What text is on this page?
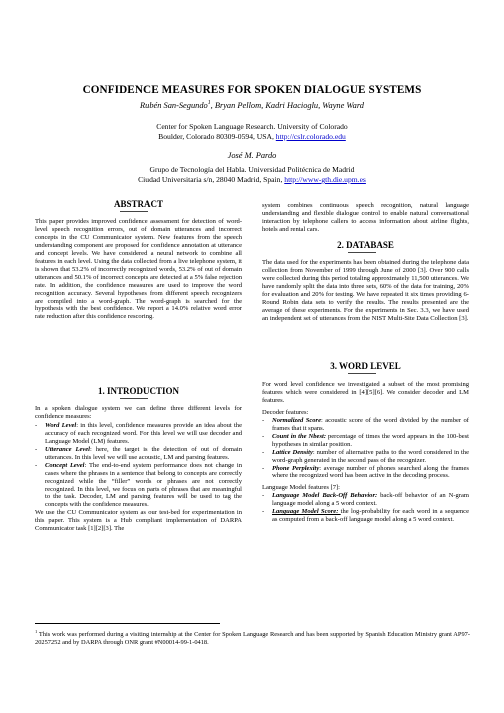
CONFIDENCE MEASURES FOR SPOKEN DIALOGUE SYSTEMS
Rubén San-Segundo$^1$, Bryan Pellom, Kadri Hacioglu, Wayne Ward
Center for Spoken Language Research. University of Colorado
Boulder, Colorado 80309-0594, USA, http://cslr.colorado.edu
José M. Pardo
Grupo de Tecnología del Habla. Universidad Politécnica de Madrid
Ciudad Universitaria s/n, 28040 Madrid, Spain, http://www-gth.die.upm.es
ABSTRACT

This paper provides improved confidence assessment for detection of word-level speech recognition errors, out of domain utterances and incorrect concepts in the CU Communicator system. New features from the speech understanding component are proposed for confidence annotation at utterance and concept levels. We have considered a neural network to combine all features in each level. Using the data collected from a live telephone system, it is shown that 53.2% of incorrectly recognized words, 53.2% of out of domain utterances and 50.1% of incorrect concepts are detected at a 5% false rejection rate. In addition, the confidence measures are used to improve the word recognition accuracy. Several hypotheses from different speech recognizers are compiled into a word-graph. The word-graph is searched for the hypothesis with the best confidence. We report a 14.0% relative word error rate reduction after this confidence rescoring.

1. INTRODUCTION

In a spoken dialogue system we can define three different levels for confidence measures:

- Word Level: in this level, confidence measures provide an idea about the accuracy of each recognized word. For this level we will use decoder and Language Model (LM) features.
- Utterance Level: here, the target is the detection of out of domain utterances. In this level we will use acoustic, LM and parsing features.
- Concept Level: The end-to-end system performance does not change in cases where the phrases in a sentence that belong to concepts are correctly recognized while the “filler” words or phrases are not correctly recognized. In this level, we focus on parts of phrases that are meaningful to the task. Decoder, LM and parsing features will be used to tag the concepts with the confidence measures.

We use the CU Communicator system as our test-bed for experimentation in this paper. This system is a Hub compliant implementation of DARPA Communicator task [1][2][3]. The

system combines continuous speech recognition, natural language understanding and flexible dialogue control to enable natural conversational interaction by telephone callers to access information about airline flights, hotels and rental cars.

2. DATABASE

The data used for the experiments has been obtained during the telephone data collection from November of 1999 through June of 2000 [3]. Over 900 calls were collected during this period totaling approximately 11,500 utterances. We have randomly split the data into three sets, 60% of the data for training, 20% for evaluation and 20% for testing. We have repeated it six times providing 6-Round Robin data sets to verify the results. The results presented are the average of these experiments. For the experiments in Sec. 3.3, we have used an independent set of utterances from the NIST Multi-Site Data Collection [3].

3. WORD LEVEL

For word level confidence we investigated a subset of the most promising features which were considered in [4][5][6]. We consider decoder and LM features.

Decoder features:

- Normalized Score: acoustic score of the word divided by the number of frames that it spans.
- Count in the Nbest: percentage of times the word appears in the 100-best hypotheses in similar position.
- Lattice Density: number of alternative paths to the word considered in the word-graph generated in the second pass of the recognizer.
- Phone Perplexity: average number of phones searched along the frames where the recognized word has been active in the decoding process.

Language Model features [7]:

- Language Model Back-Off Behavior: back-off behavior of an N-gram language model along a 5 word context.
- Language Model Score: the log-probability for each word in a sequence as computed from a back-off language model along a 5 word context.
$^1$ This work was performed during a visiting internship at the Center for Spoken Language Research and has been supported by Spanish Education Ministry grant AP97-20257252 and by DARPA through ONR grant #N00014-99-1-0418.
